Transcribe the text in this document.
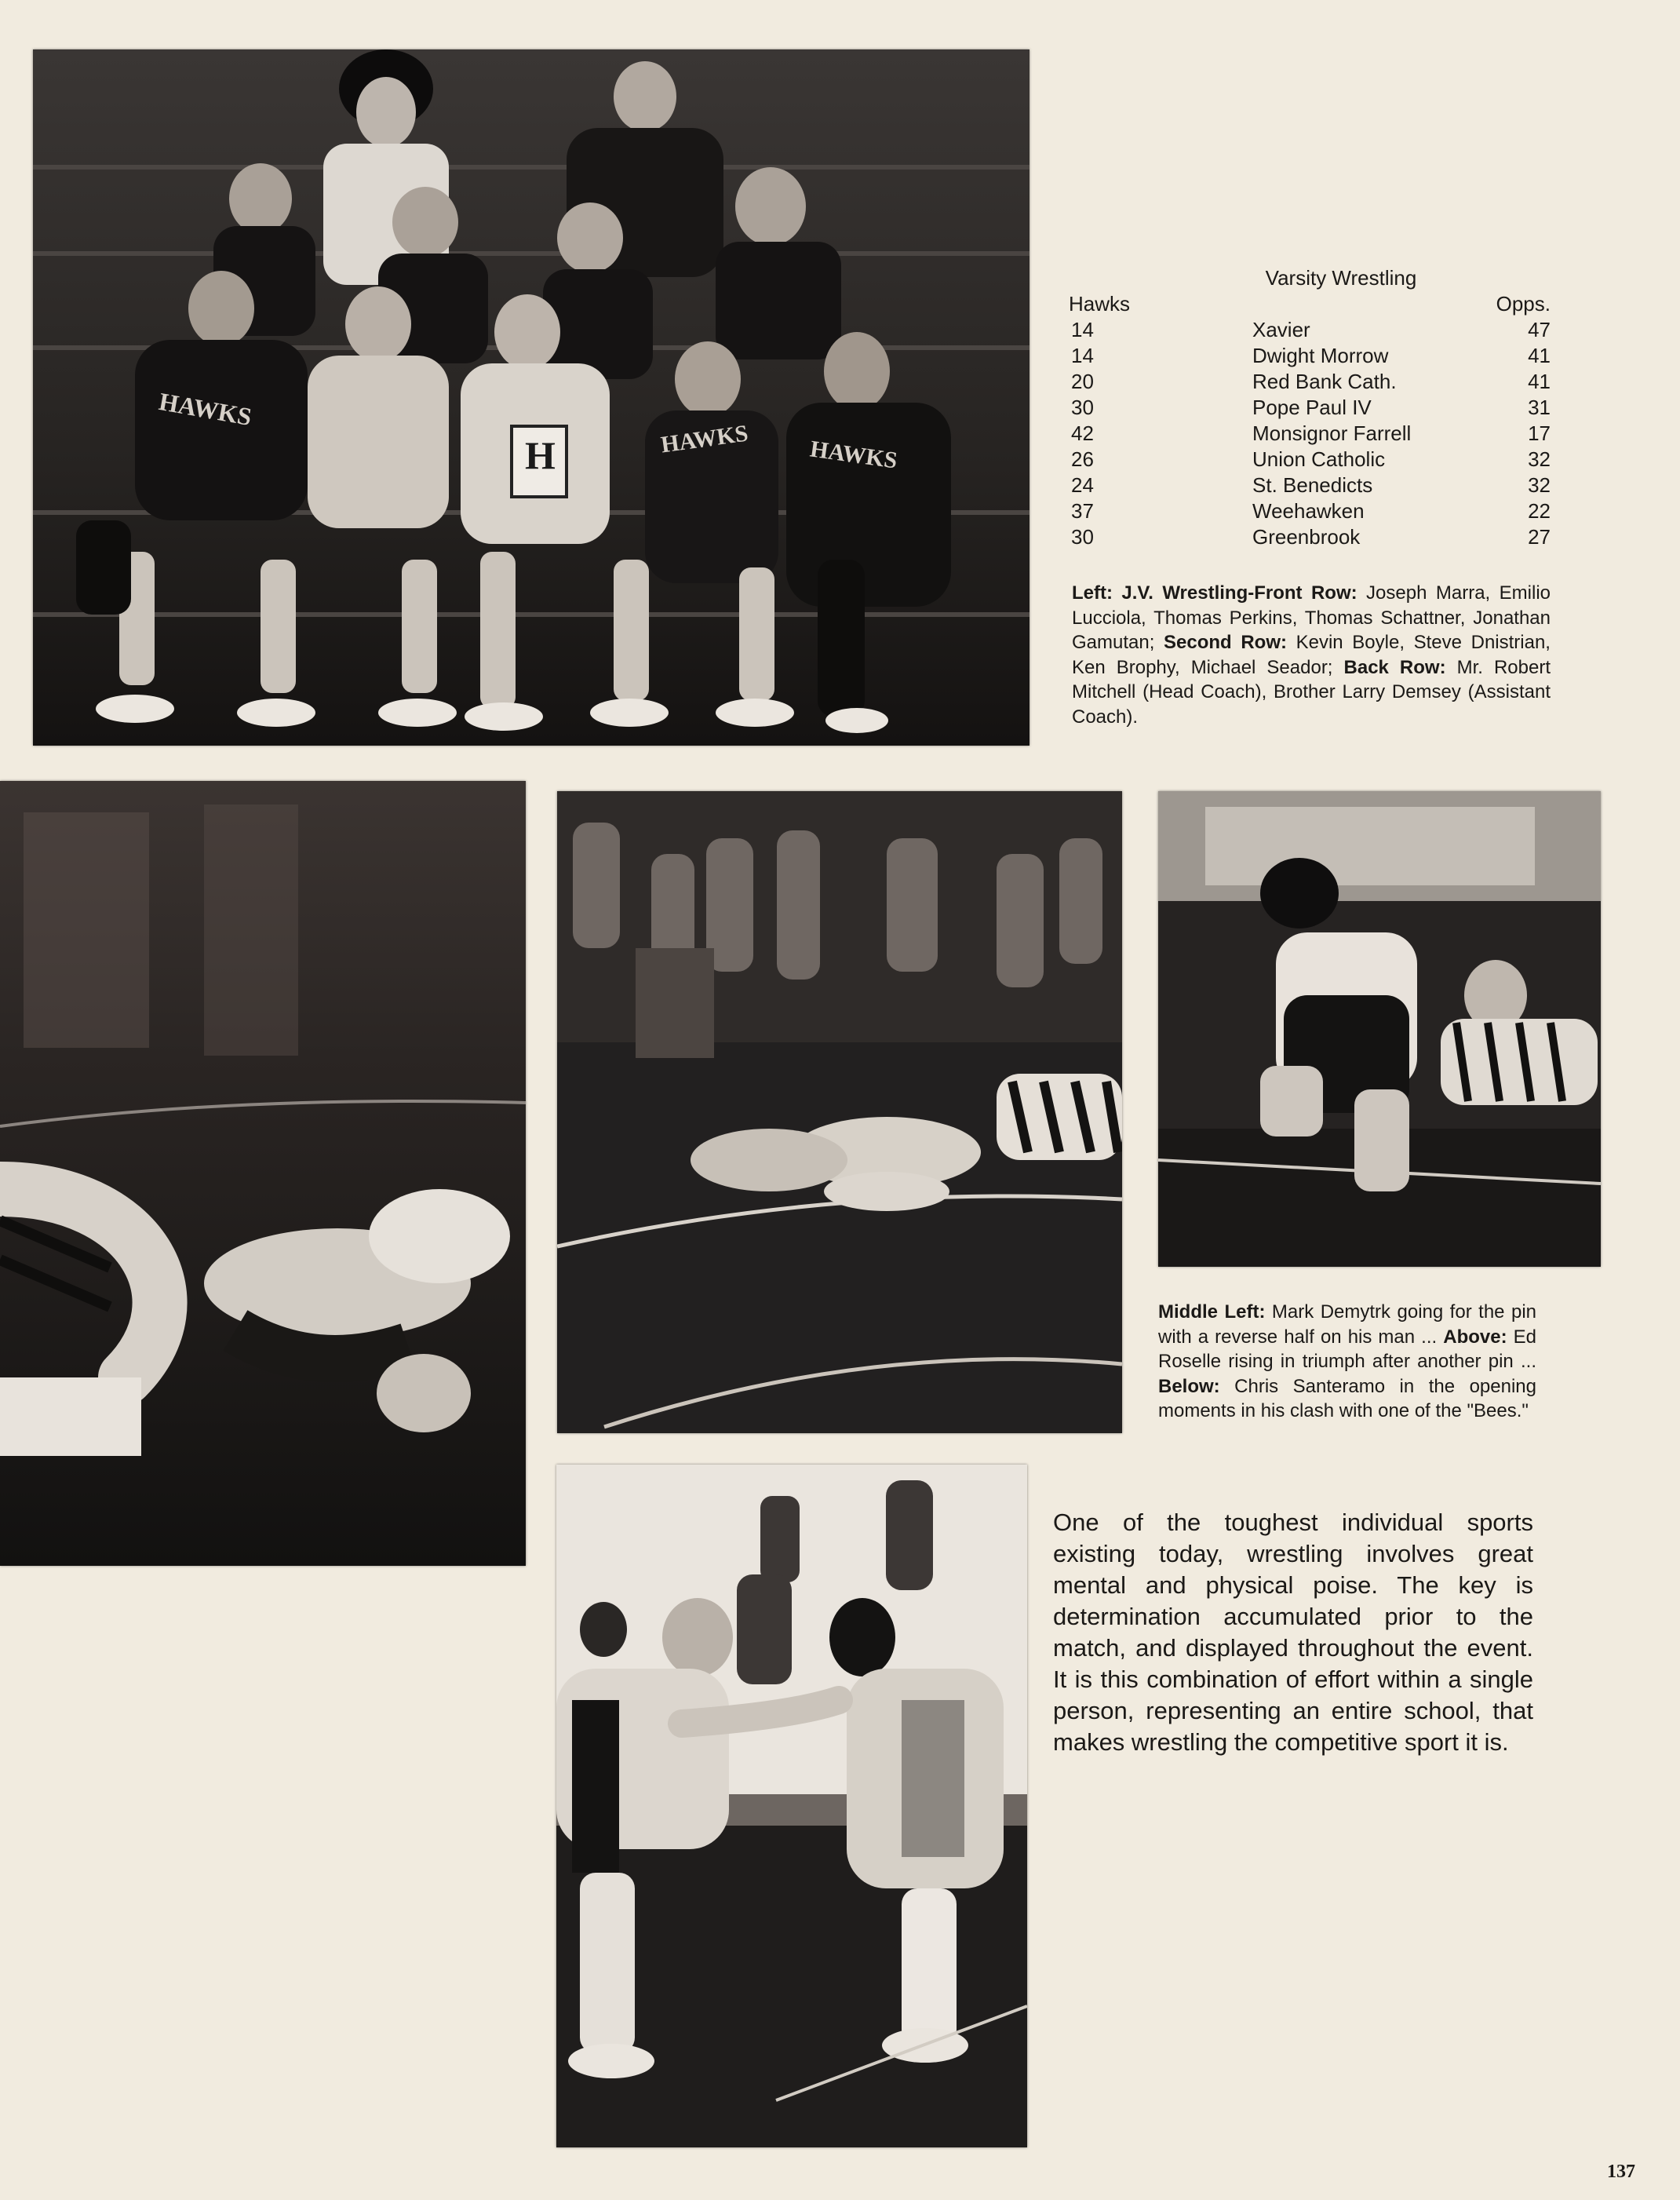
HAWKS
HAWKS HAWKS
H
Varsity Wrestling
Hawks	Opps.
14	Xavier	47
14	Dwight Morrow	41
20	Red Bank Cath.	41
30	Pope Paul IV	31
42	Monsignor Farrell	17
26	Union Catholic	32
24	St. Benedicts	32
37	Weehawken	22
30	Greenbrook	27
Left: J.V. Wrestling-Front Row: Joseph Marra, Emilio Lucciola, Thomas Perkins, Thomas Schattner, Jonathan Gamutan; Second Row: Kevin Boyle, Steve Dnistrian, Ken Brophy, Michael Seador; Back Row: Mr. Robert Mitchell (Head Coach), Brother Larry Demsey (Assistant Coach).
Middle Left: Mark Demytrk going for the pin with a reverse half on his man ... Above: Ed Roselle rising in triumph after another pin ... Below: Chris Santeramo in the opening moments in his clash with one of the "Bees."
One of the toughest individual sports existing today, wrestling involves great mental and physical poise. The key is determination accumulated prior to the match, and displayed throughout the event. It is this combination of effort within a single person, representing an entire school, that makes wrestling the competitive sport it is.
137
